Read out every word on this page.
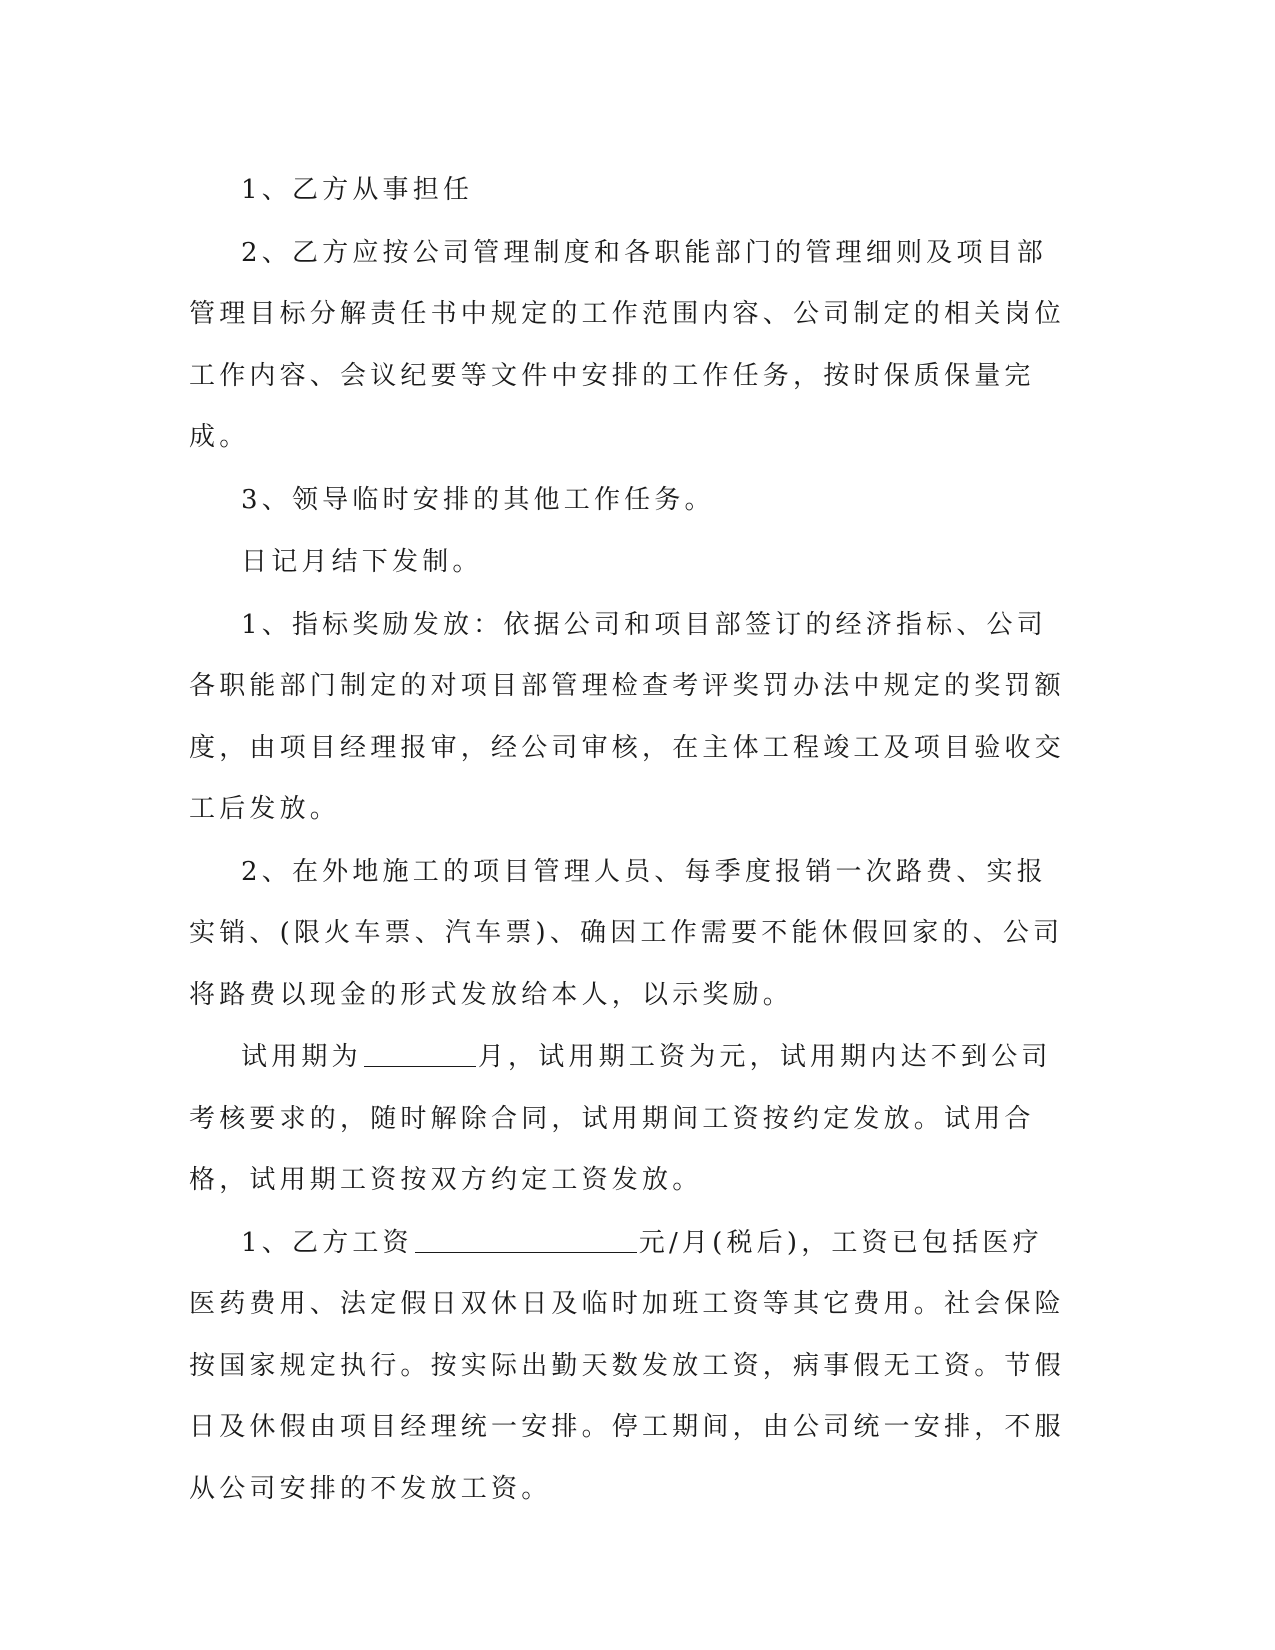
1、乙方从事担任

2、乙方应按公司管理制度和各职能部门的管理细则及项目部管理目标分解责任书中规定的工作范围内容、公司制定的相关岗位工作内容、会议纪要等文件中安排的工作任务，按时保质保量完成。

3、领导临时安排的其他工作任务。

日记月结下发制。

1、指标奖励发放：依据公司和项目部签订的经济指标、公司各职能部门制定的对项目部管理检查考评奖罚办法中规定的奖罚额度，由项目经理报审，经公司审核，在主体工程竣工及项目验收交工后发放。

2、在外地施工的项目管理人员、每季度报销一次路费、实报实销、(限火车票、汽车票)、确因工作需要不能休假回家的、公司将路费以现金的形式发放给本人，以示奖励。

试用期为	月，试用期工资为元，试用期内达不到公司考核要求的，随时解除合同，试用期间工资按约定发放。试用合格，试用期工资按双方约定工资发放。

1、乙方工资	元/月(税后)，工资已包括医疗医药费用、法定假日双休日及临时加班工资等其它费用。社会保险按国家规定执行。按实际出勤天数发放工资，病事假无工资。节假日及休假由项目经理统一安排。停工期间，由公司统一安排，不服从公司安排的不发放工资。
